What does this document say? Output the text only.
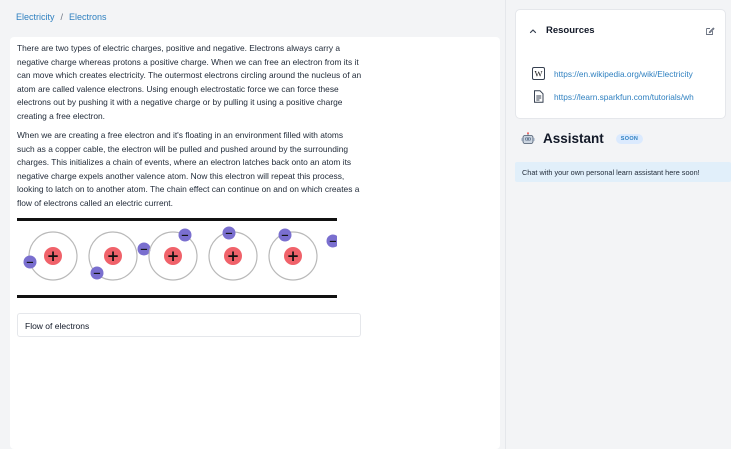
Electricity / Electrons

There are two types of electric charges, positive and negative. Electrons always carry a negative charge whereas protons a positive charge. When we can free an electron from its it can move which creates electricity. The outermost electrons circling around the nucleus of an atom are called valence electrons. Using enough electrostatic force we can force these electrons out by pushing it with a negative charge or by pulling it using a positive charge creating a free electron.

When we are creating a free electron and it's floating in an environment filled with atoms such as a copper cable, the electron will be pulled and pushed around by the surrounding charges. This initializes a chain of events, where an electron latches back onto an atom its negative charge expels another valence atom. Now this electron will repeat this process, looking to latch on to another atom. The chain effect can continue on and on which creates a flow of electrons called an electric current.

+
−	+
−
− +
−
+
−
+
−
−
Flow of electrons
Resources
W https://en.wikipedia.org/wiki/Electricity
https://learn.sparkfun.com/tutorials/wh
Assistant	SOON
Chat with your own personal learn assistant here soon!
